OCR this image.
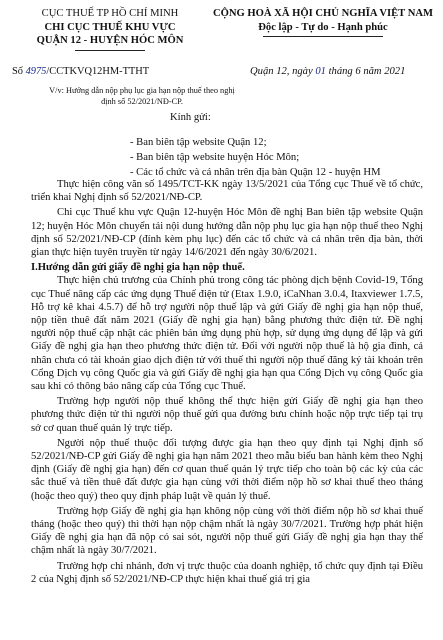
CỤC THUẾ TP HỒ CHÍ MINH
CHI CỤC THUẾ KHU VỰC
QUẬN 12 - HUYỆN HÓC MÔN
CỘNG HOÀ XÃ HỘI CHỦ NGHĨA VIỆT NAM
Độc lập - Tự do - Hạnh phúc
Số 4975/CCTKVQ12HM-TTHT	Quận 12, ngày 01 tháng 6 năm 2021
V/v: Hướng dẫn nộp phụ lục gia hạn nộp thuế theo nghị định số 52/2021/NĐ-CP.
Kính gửi:
- Ban biên tập website Quận 12;
- Ban biên tập website huyện Hóc Môn;
- Các tổ chức và cá nhân trên địa bàn Quận 12 - huyện HM

Thực hiện công văn số 1495/TCT-KK ngày 13/5/2021 của Tổng cục Thuế về tổ chức, triển khai Nghị định số 52/2021/NĐ-CP.

Chi cục Thuế khu vực Quận 12-huyện Hóc Môn đề nghị Ban biên tập website Quận 12; huyện Hóc Môn chuyển tải nội dung hướng dẫn nộp phụ lục gia hạn nộp thuế theo Nghị định số 52/2021/NĐ-CP (đính kèm phụ lục) đến các tổ chức và cá nhân trên địa bàn, thời gian thực hiện tuyên truyền từ ngày 14/6/2021 đến ngày 30/6/2021.

I.Hướng dẫn gửi giấy đề nghị gia hạn nộp thuế.

Thực hiện chủ trương của Chính phủ trong công tác phòng dịch bệnh Covid-19, Tổng cục Thuế nâng cấp các ứng dụng Thuế điện tử (Etax 1.9.0, iCaNhan 3.0.4, Itaxviewer 1.7.5, Hỗ trợ kê khai 4.5.7) để hỗ trợ người nộp thuế lập và gửi Giấy đề nghị gia hạn nộp thuế, nộp tiền thuê đất năm 2021 (Giấy đề nghị gia hạn) bằng phương thức điện tử. Đề nghị người nộp thuế cập nhật các phiên bản ứng dụng phù hợp, sử dụng ứng dụng để lập và gửi Giấy đề nghị gia hạn theo phương thức điện tử. Đối với người nộp thuế là hộ gia đình, cá nhân chưa có tài khoản giao dịch điện tử với thuế thì người nộp thuế đăng ký tài khoản trên Cổng Dịch vụ công Quốc gia và gửi Giấy đề nghị gia hạn qua Cổng Dịch vụ công Quốc gia sau khi có thông báo nâng cấp của Tổng cục Thuế.

Trường hợp người nộp thuế không thể thực hiện gửi Giấy đề nghị gia hạn theo phương thức điện tử thì người nộp thuế gửi qua đường bưu chính hoặc nộp trực tiếp tại trụ sở cơ quan thuế quản lý trực tiếp.

Người nộp thuế thuộc đối tượng được gia hạn theo quy định tại Nghị định số 52/2021/NĐ-CP gửi Giấy đề nghị gia hạn năm 2021 theo mẫu biểu ban hành kèm theo Nghị định (Giấy đề nghị gia hạn) đến cơ quan thuế quản lý trực tiếp cho toàn bộ các kỳ của các sắc thuế và tiền thuê đất được gia hạn cùng với thời điểm nộp hồ sơ khai thuế theo tháng (hoặc theo quý) theo quy định pháp luật về quản lý thuế.

Trường hợp Giấy đề nghị gia hạn không nộp cùng với thời điểm nộp hồ sơ khai thuế tháng (hoặc theo quý) thì thời hạn nộp chậm nhất là ngày 30/7/2021. Trường hợp phát hiện Giấy đề nghị gia hạn đã nộp có sai sót, người nộp thuế gửi Giấy đề nghị gia hạn thay thế chậm nhất là ngày 30/7/2021.

Trường hợp chi nhánh, đơn vị trực thuộc của doanh nghiệp, tổ chức quy định tại Điều 2 của Nghị định số 52/2021/NĐ-CP thực hiện khai thuế giá trị gia
